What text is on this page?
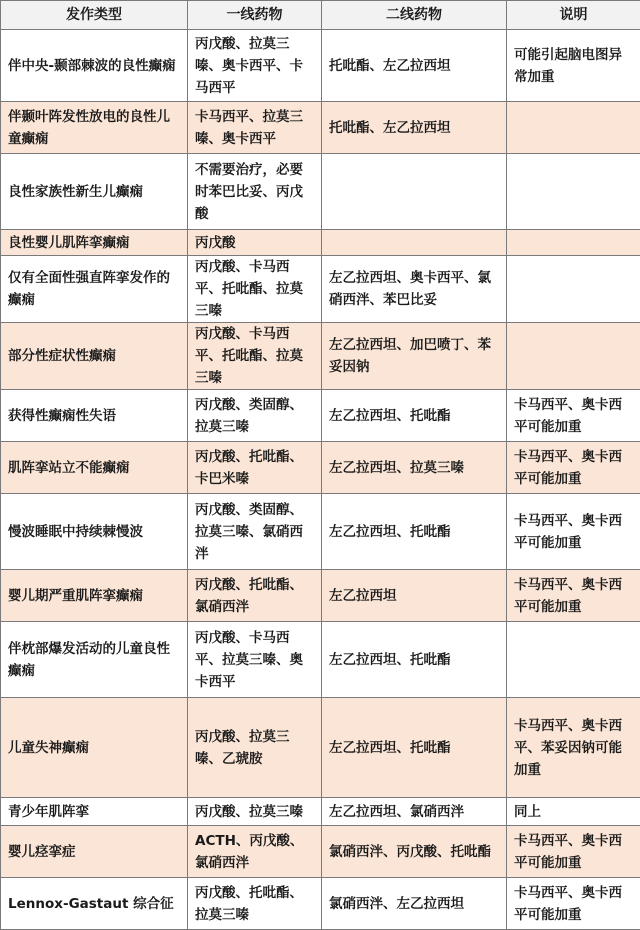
发作类型	一线药物	二线药物	说明
伴中央-颞部棘波的良性癫痫	丙戊酸、拉莫三嗪、奥卡西平、卡马西平	托吡酯、左乙拉西坦	可能引起脑电图异常加重
伴颞叶阵发性放电的良性儿童癫痫	卡马西平、拉莫三嗪、奥卡西平	托吡酯、左乙拉西坦	
良性家族性新生儿癫痫	不需要治疗，必要时苯巴比妥、丙戊酸		
良性婴儿肌阵挛癫痫	丙戊酸		
仅有全面性强直阵挛发作的癫痫	丙戊酸、卡马西平、托吡酯、拉莫三嗪	左乙拉西坦、奥卡西平、氯硝西泮、苯巴比妥	
部分性症状性癫痫	丙戊酸、卡马西平、托吡酯、拉莫三嗪	左乙拉西坦、加巴喷丁、苯妥因钠	
获得性癫痫性失语	丙戊酸、类固醇、拉莫三嗪	左乙拉西坦、托吡酯	卡马西平、奥卡西平可能加重
肌阵挛站立不能癫痫	丙戊酸、托吡酯、卡巴米嗪	左乙拉西坦、拉莫三嗪	卡马西平、奥卡西平可能加重
慢波睡眠中持续棘慢波	丙戊酸、类固醇、拉莫三嗪、氯硝西泮	左乙拉西坦、托吡酯	卡马西平、奥卡西平可能加重
婴儿期严重肌阵挛癫痫	丙戊酸、托吡酯、氯硝西泮	左乙拉西坦	卡马西平、奥卡西平可能加重
伴枕部爆发活动的儿童良性癫痫	丙戊酸、卡马西平、拉莫三嗪、奥卡西平	左乙拉西坦、托吡酯	
儿童失神癫痫	丙戊酸、拉莫三嗪、乙琥胺	左乙拉西坦、托吡酯	卡马西平、奥卡西平、苯妥因钠可能加重
青少年肌阵挛	丙戊酸、拉莫三嗪	左乙拉西坦、氯硝西泮	同上
婴儿痉挛症	ACTH、丙戊酸、氯硝西泮	氯硝西泮、丙戊酸、托吡酯	卡马西平、奥卡西平可能加重
Lennox-Gastaut 综合征	丙戊酸、托吡酯、拉莫三嗪	氯硝西泮、左乙拉西坦	卡马西平、奥卡西平可能加重
